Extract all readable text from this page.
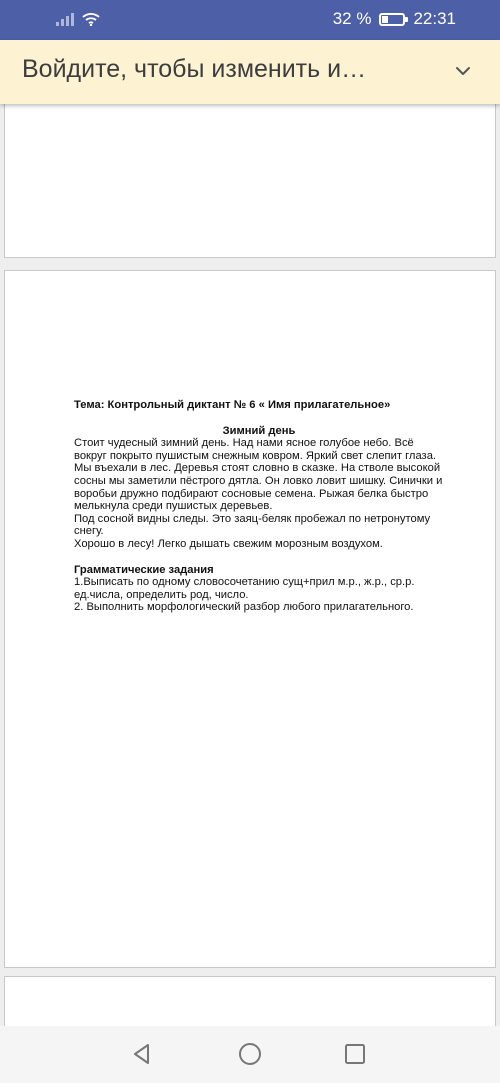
32 % 22:31
Войдите, чтобы изменить и…
Тема: Контрольный диктант № 6 « Имя прилагательное»
Зимний день
Стоит чудесный зимний день. Над нами ясное голубое небо. Всё вокруг покрыто пушистым снежным ковром. Яркий свет слепит глаза. Мы въехали в лес. Деревья стоят словно в сказке. На стволе высокой сосны мы заметили пёстрого дятла. Он ловко ловит шишку. Синички и воробьи дружно подбирают сосновые семена. Рыжая белка быстро мелькнула среди пушистых деревьев.
Под сосной видны следы. Это заяц-беляк пробежал по нетронутому снегу.
Хорошо в лесу! Легко дышать свежим морозным воздухом.
Грамматические задания
1.Выписать по одному словосочетанию сущ+прил м.р., ж.р., ср.р. ед.числа, определить род, число.
2. Выполнить морфологический разбор любого прилагательного.
